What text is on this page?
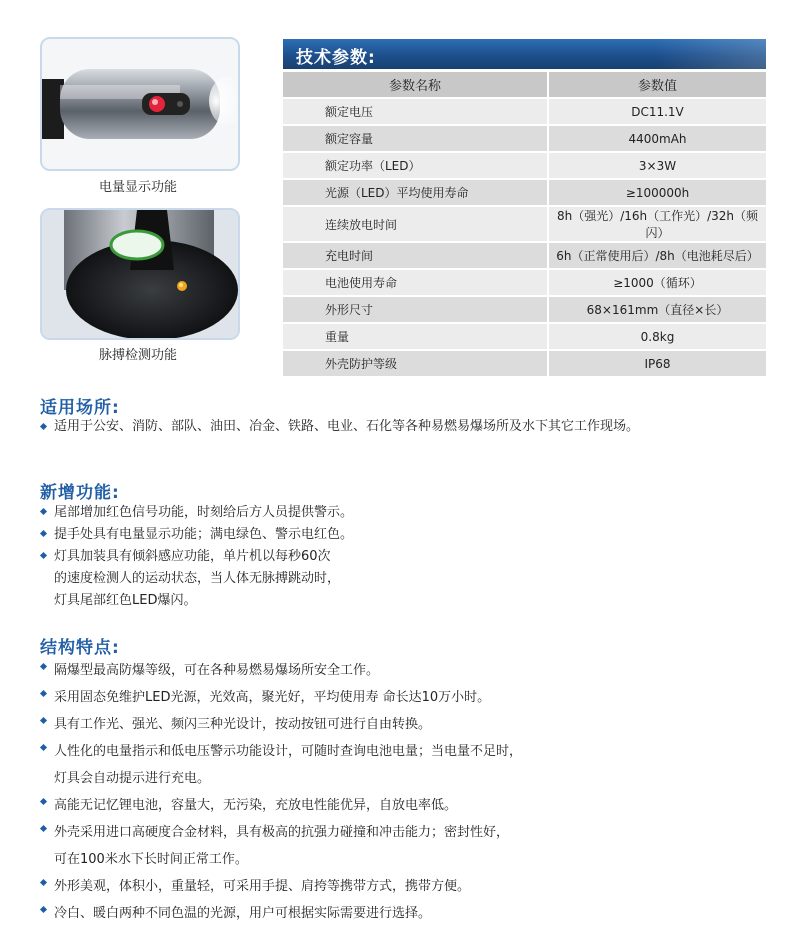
电量显示功能
脉搏检测功能
技术参数:
参数名称	参数值
额定电压	DC11.1V
额定容量	4400mAh
额定功率（LED）	3×3W
光源（LED）平均使用寿命	≥100000h
连续放电时间	8h（强光）/16h（工作光）/32h（频闪）
充电时间	6h（正常使用后）/8h（电池耗尽后）
电池使用寿命	≥1000（循环）
外形尺寸	68×161mm（直径×长）
重量	0.8kg
外壳防护等级	IP68
适用场所:
适用于公安、消防、部队、油田、冶金、铁路、电业、石化等各种易燃易爆场所及水下其它工作现场。
新增功能:
尾部增加红色信号功能，时刻给后方人员提供警示。
提手处具有电量显示功能；满电绿色、警示电红色。
灯具加装具有倾斜感应功能，单片机以每秒60次
的速度检测人的运动状态，当人体无脉搏跳动时，
灯具尾部红色LED爆闪。
结构特点:
隔爆型最高防爆等级，可在各种易燃易爆场所安全工作。
采用固态免维护LED光源，光效高，聚光好，平均使用寿 命长达10万小时。
具有工作光、强光、频闪三种光设计，按动按钮可进行自由转换。
人性化的电量指示和低电压警示功能设计，可随时查询电池电量；当电量不足时，
灯具会自动提示进行充电。
高能无记忆锂电池，容量大，无污染，充放电性能优异，自放电率低。
外壳采用进口高硬度合金材料，具有极高的抗强力碰撞和冲击能力；密封性好，
可在100米水下长时间正常工作。
外形美观，体积小，重量轻，可采用手提、肩挎等携带方式，携带方便。
冷白、暖白两种不同色温的光源，用户可根据实际需要进行选择。
